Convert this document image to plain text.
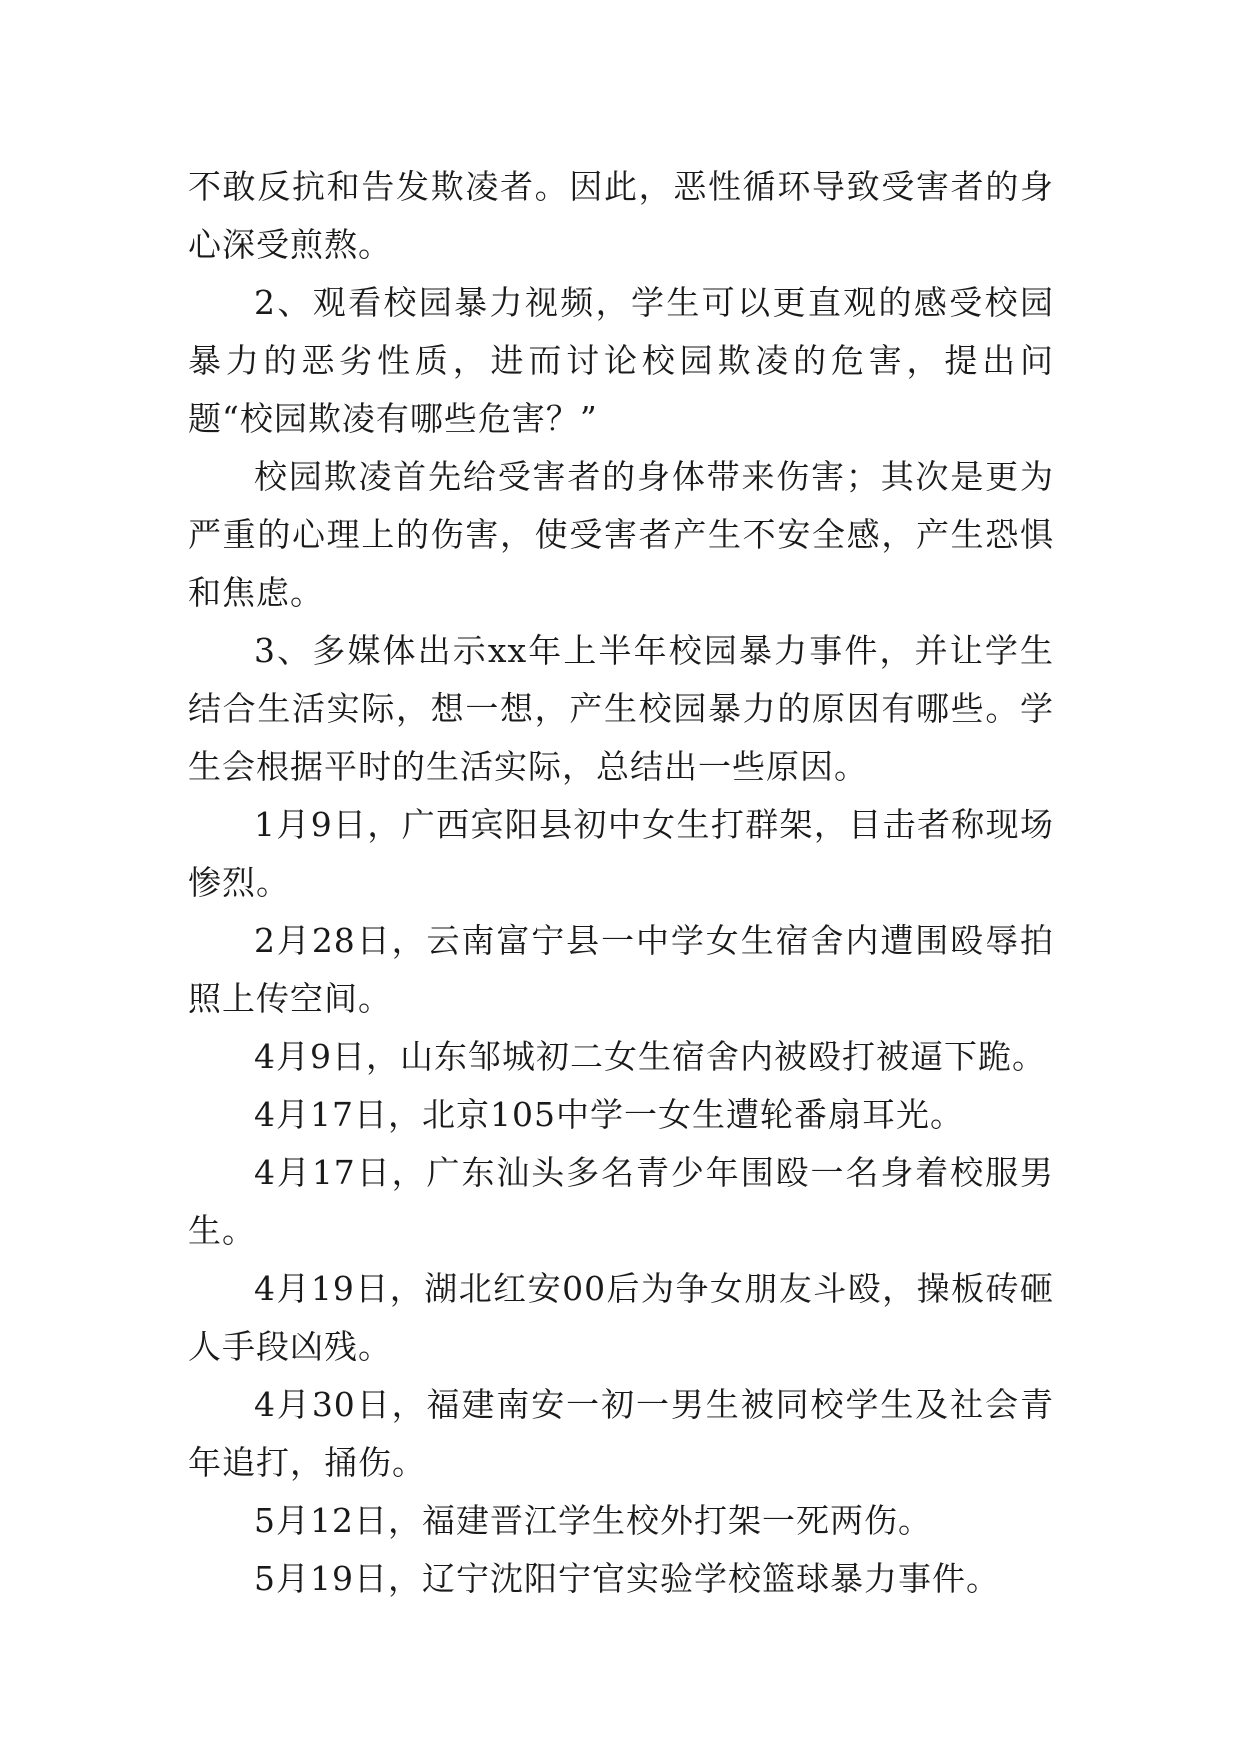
不敢反抗和告发欺凌者。因此，恶性循环导致受害者的身心深受煎熬。

2、观看校园暴力视频，学生可以更直观的感受校园暴力的恶劣性质，进而讨论校园欺凌的危害，提出问题“校园欺凌有哪些危害？”

校园欺凌首先给受害者的身体带来伤害；其次是更为严重的心理上的伤害，使受害者产生不安全感，产生恐惧和焦虑。

3、多媒体出示xx年上半年校园暴力事件，并让学生结合生活实际，想一想，产生校园暴力的原因有哪些。学生会根据平时的生活实际，总结出一些原因。

1月9日，广西宾阳县初中女生打群架，目击者称现场惨烈。

2月28日，云南富宁县一中学女生宿舍内遭围殴辱拍照上传空间。

4月9日，山东邹城初二女生宿舍内被殴打被逼下跪。

4月17日，北京105中学一女生遭轮番扇耳光。

4月17日，广东汕头多名青少年围殴一名身着校服男生。

4月19日，湖北红安00后为争女朋友斗殴，操板砖砸人手段凶残。

4月30日，福建南安一初一男生被同校学生及社会青年追打，捅伤。

5月12日，福建晋江学生校外打架一死两伤。

5月19日，辽宁沈阳宁官实验学校篮球暴力事件。
